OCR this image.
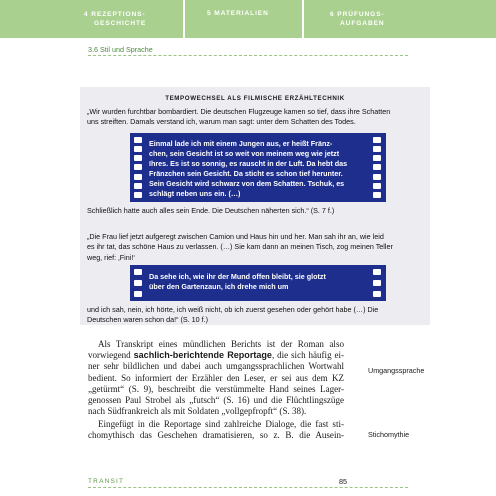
4 REZEPTIONS-
GESCHICHTE
5 MATERIALIEN	6 PRÜFUNGS-
AUFGABEN
3.6 Stil und Sprache
TEMPOWECHSEL ALS FILMISCHE ERZÄHLTECHNIK
„Wir wurden furchtbar bombardiert. Die deutschen Flugzeuge kamen so tief, dass ihre Schatten
uns streiften. Damals verstand ich, warum man sagt: unter dem Schatten des Todes.
Einmal lade ich mit einem Jungen aus, er heißt Fränz-
chen, sein Gesicht ist so weit von meinem weg wie jetzt
Ihres. Es ist so sonnig, es rauscht in der Luft. Da hebt das
Fränzchen sein Gesicht. Da sticht es schon tief herunter.
Sein Gesicht wird schwarz von dem Schatten. Tschuk, es
schlägt neben uns ein. (…)
Schließlich hatte auch alles sein Ende. Die Deutschen näherten sich.“ (S. 7 f.)
„Die Frau lief jetzt aufgeregt zwischen Camion und Haus hin und her. Man sah ihr an, wie leid
es ihr tat, das schöne Haus zu verlassen. (…) Sie kam dann an meinen Tisch, zog meinen Teller
weg, rief: ‚Fini!‘
Da sehe ich, wie ihr der Mund offen bleibt, sie glotzt
über den Gartenzaun, ich drehe mich um
und ich sah, nein, ich hörte, ich weiß nicht, ob ich zuerst gesehen oder gehört habe (…) Die
Deutschen waren schon da!“ (S. 10 f.)
Als Transkript eines mündlichen Berichts ist der Roman also
vorwiegend sachlich-berichtende Reportage, die sich häufig ei-
ner sehr bildlichen und dabei auch umgangssprachlichen Wortwahl
bedient. So informiert der Erzähler den Leser, er sei aus dem KZ
„getürmt“ (S. 9), beschreibt die verstümmelte Hand seines Lager-
genossen Paul Strobel als „futsch“ (S. 16) und die Flüchtlingszüge
nach Südfrankreich als mit Soldaten „vollgepfropft“ (S. 38).
Eingefügt in die Reportage sind zahlreiche Dialoge, die fast sti-
chomythisch das Geschehen dramatisieren, so z. B. die Ausein-
Umgangssprache
Stichomythie
TRANSIT	85
